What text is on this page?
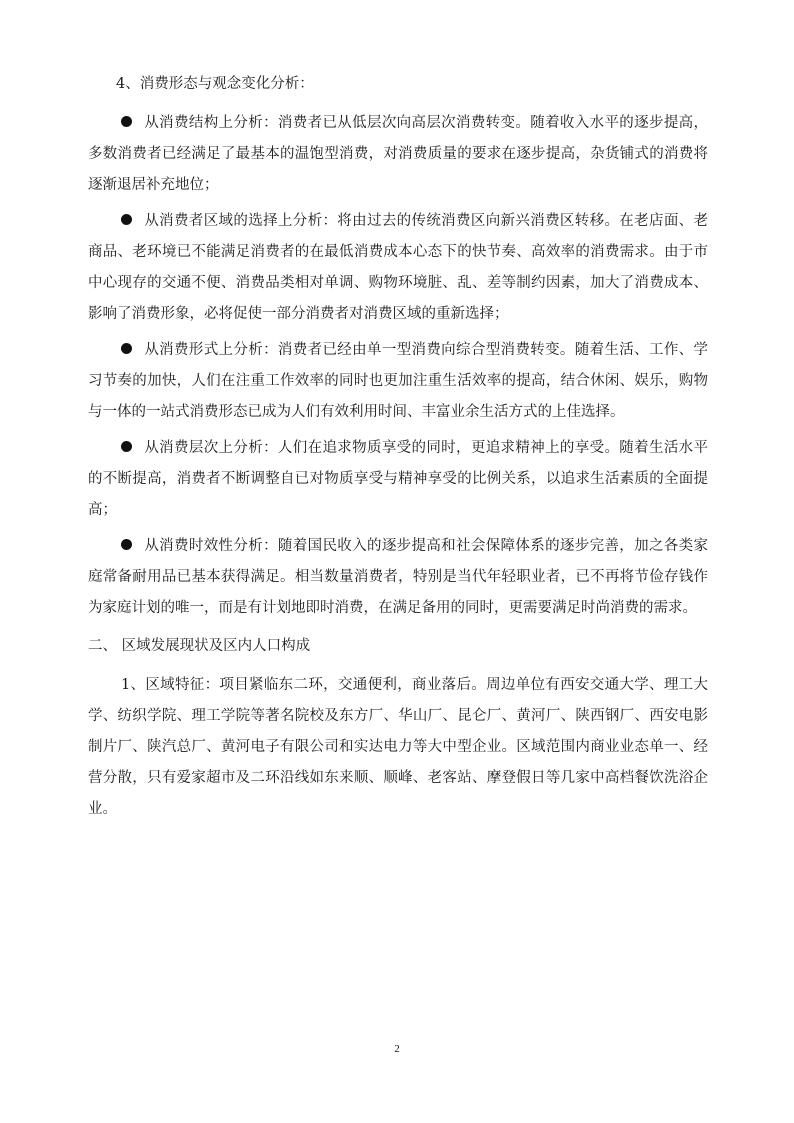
4、消费形态与观念变化分析：

从消费结构上分析：消费者已从低层次向高层次消费转变。随着收入水平的逐步提高，多数消费者已经满足了最基本的温饱型消费，对消费质量的要求在逐步提高，杂货铺式的消费将逐渐退居补充地位；

从消费者区域的选择上分析：将由过去的传统消费区向新兴消费区转移。在老店面、老商品、老环境已不能满足消费者的在最低消费成本心态下的快节奏、高效率的消费需求。由于市中心现存的交通不便、消费品类相对单调、购物环境脏、乱、差等制约因素，加大了消费成本、影响了消费形象，必将促使一部分消费者对消费区域的重新选择；

从消费形式上分析：消费者已经由单一型消费向综合型消费转变。随着生活、工作、学习节奏的加快，人们在注重工作效率的同时也更加注重生活效率的提高，结合休闲、娱乐，购物与一体的一站式消费形态已成为人们有效利用时间、丰富业余生活方式的上佳选择。

从消费层次上分析：人们在追求物质享受的同时，更追求精神上的享受。随着生活水平的不断提高，消费者不断调整自已对物质享受与精神享受的比例关系，以追求生活素质的全面提高；

从消费时效性分析：随着国民收入的逐步提高和社会保障体系的逐步完善，加之各类家庭常备耐用品已基本获得满足。相当数量消费者，特别是当代年轻职业者，已不再将节俭存钱作为家庭计划的唯一，而是有计划地即时消费，在满足备用的同时，更需要满足时尚消费的需求。

二、 区域发展现状及区内人口构成

1、区域特征：项目紧临东二环，交通便利，商业落后。周边单位有西安交通大学、理工大学、纺织学院、理工学院等著名院校及东方厂、华山厂、昆仑厂、黄河厂、陕西钢厂、西安电影制片厂、陕汽总厂、黄河电子有限公司和实达电力等大中型企业。区域范围内商业业态单一、经营分散，只有爱家超市及二环沿线如东来顺、顺峰、老客站、摩登假日等几家中高档餐饮洗浴企业。

2
